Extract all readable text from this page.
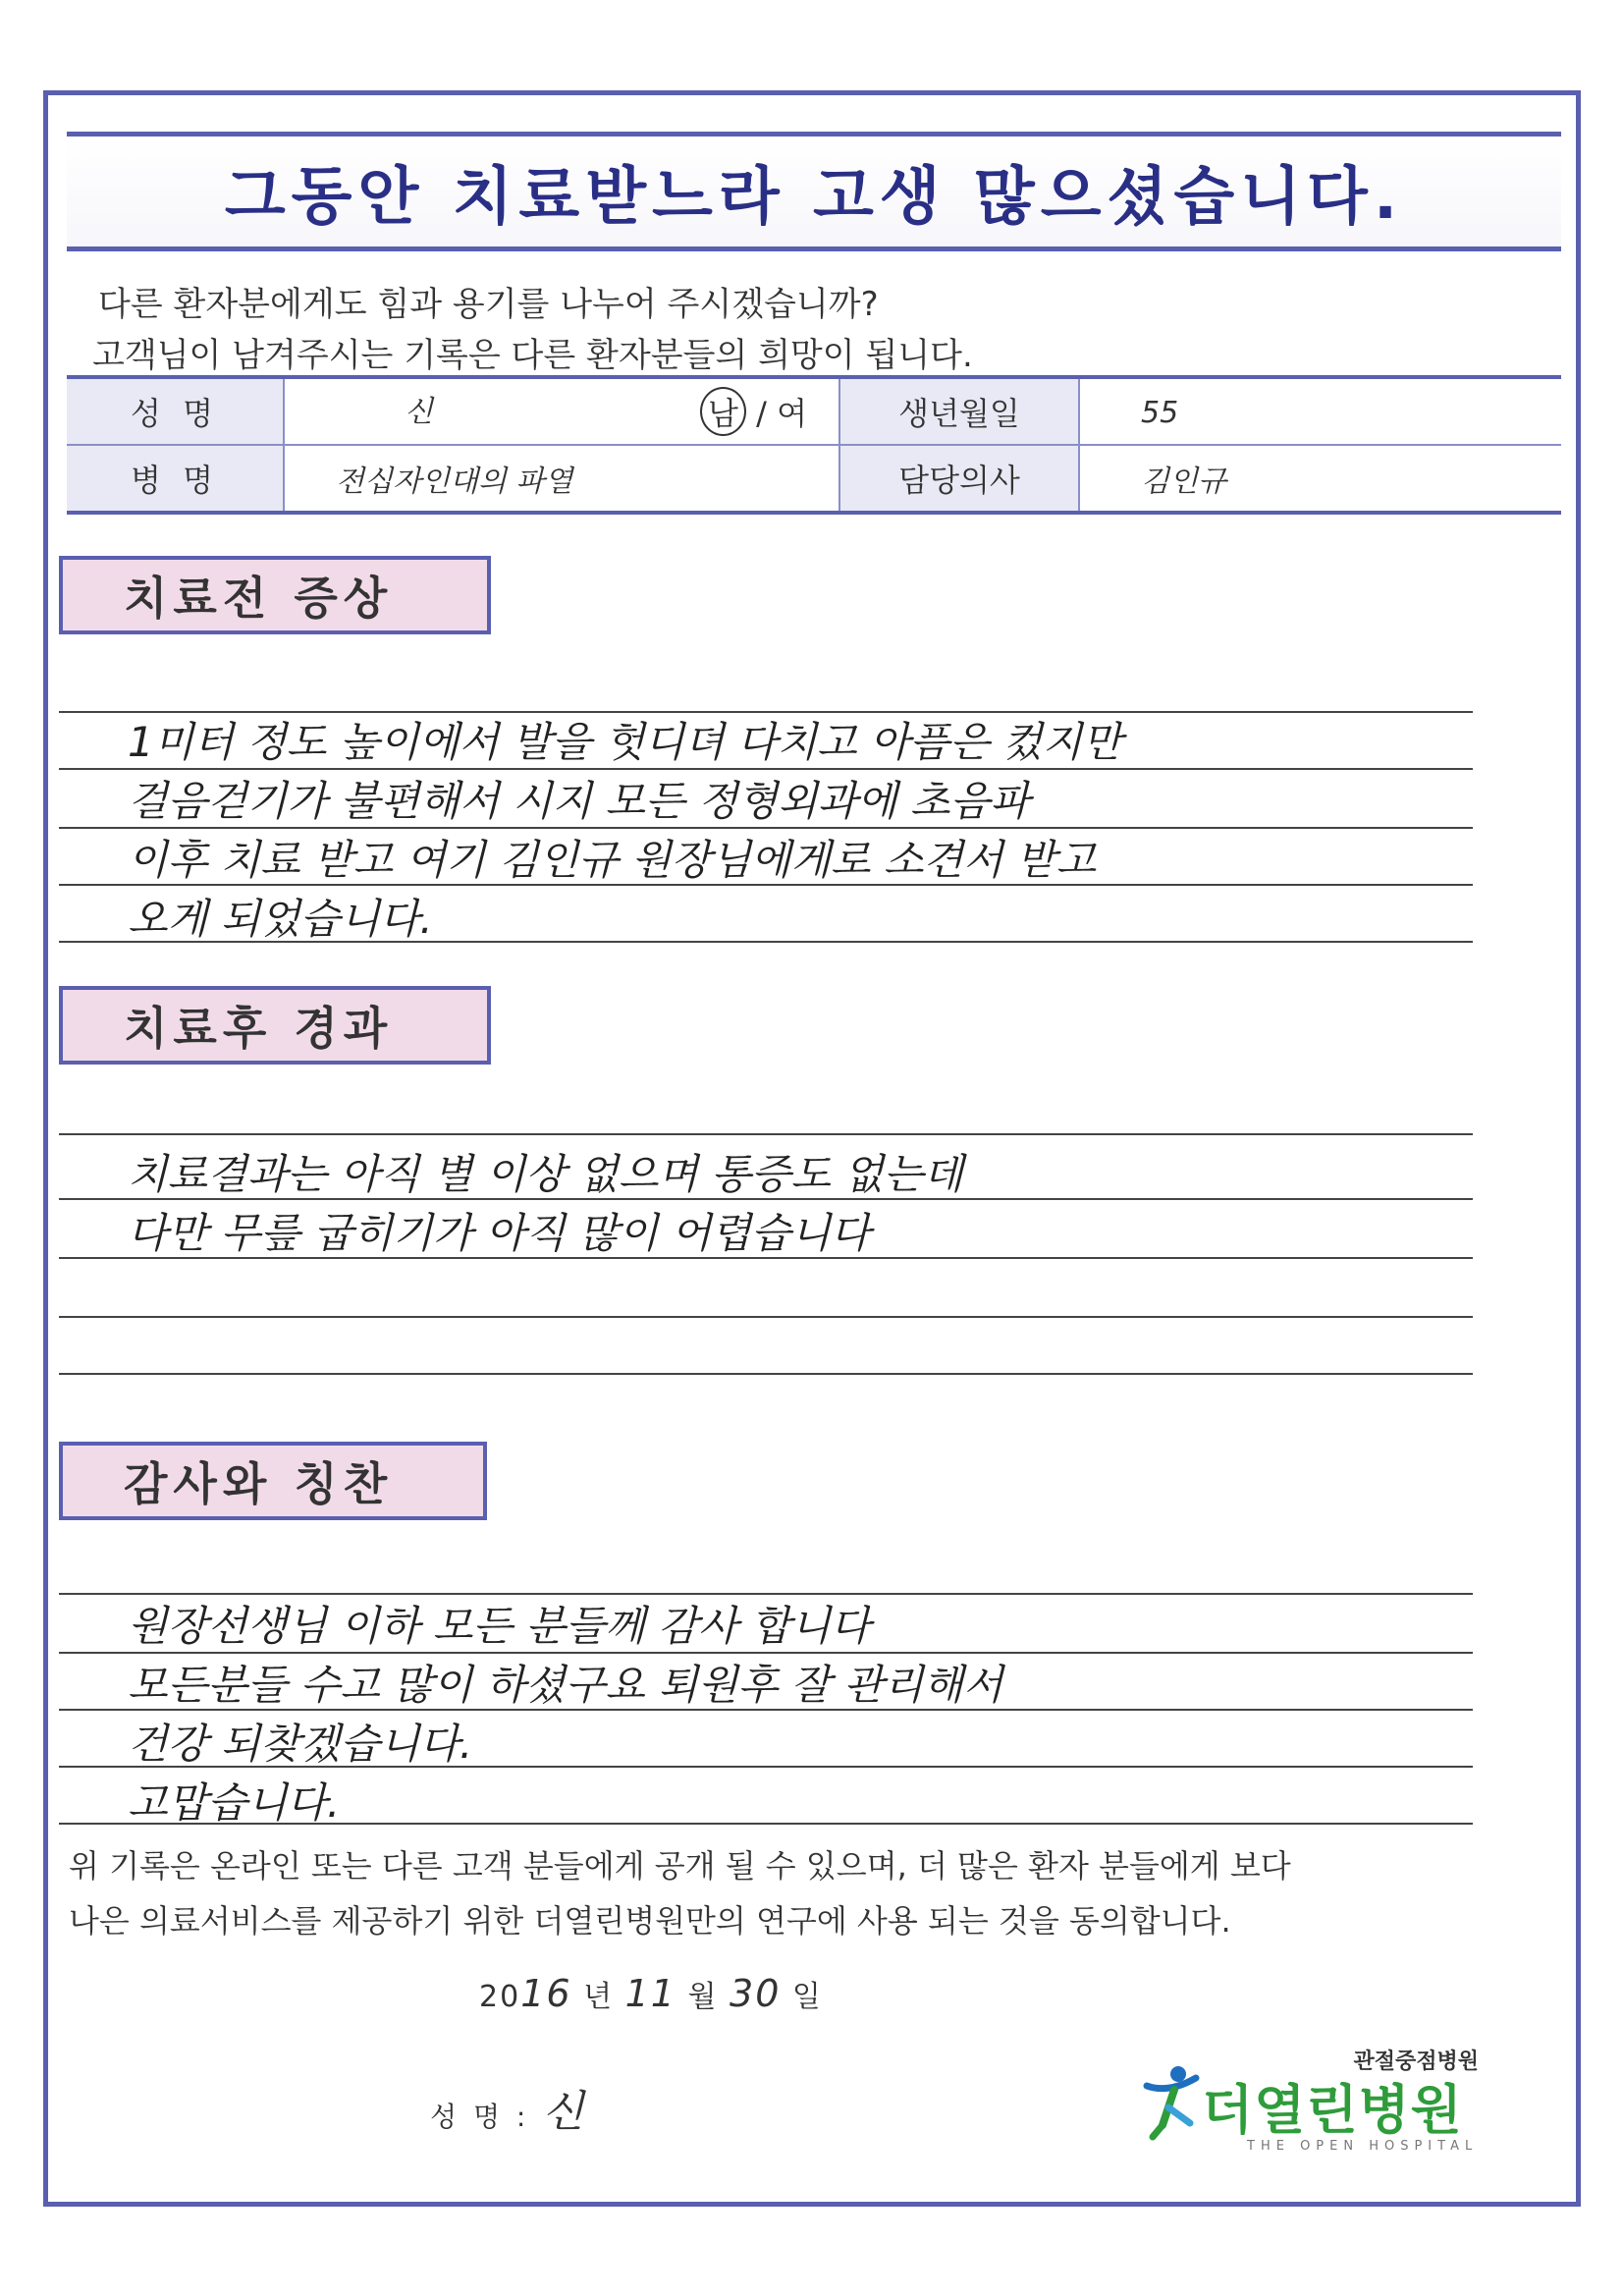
그동안 치료받느라 고생 많으셨습니다.
다른 환자분에게도 힘과 용기를 나누어 주시겠습니까?
고객님이 남겨주시는 기록은 다른 환자분들의 희망이 됩니다.
성 명	신 남 / 여	생년월일	55
병 명	전십자인대의 파열	담당의사	김인규
치료전 증상
1미터 정도 높이에서 발을 헛디뎌 다치고 아픔은 컸지만
걸음걷기가 불편해서 시지 모든 정형외과에 초음파
이후 치료 받고 여기 김인규 원장님에게로 소견서 받고
오게 되었습니다.
치료후 경과
치료결과는 아직 별 이상 없으며 통증도 없는데
다만 무릎 굽히기가 아직 많이 어렵습니다
감사와 칭찬
원장선생님 이하 모든 분들께 감사 합니다
모든분들 수고 많이 하셨구요 퇴원후 잘 관리해서
건강 되찾겠습니다.
고맙습니다.
위 기록은 온라인 또는 다른 고객 분들에게 공개 될 수 있으며, 더 많은 환자 분들에게 보다
나은 의료서비스를 제공하기 위한 더열린병원만의 연구에 사용 되는 것을 동의합니다.
2016 년 11 월 30 일
성 명 : 신
관절중점병원
더열린병원
THE OPEN HOSPITAL
